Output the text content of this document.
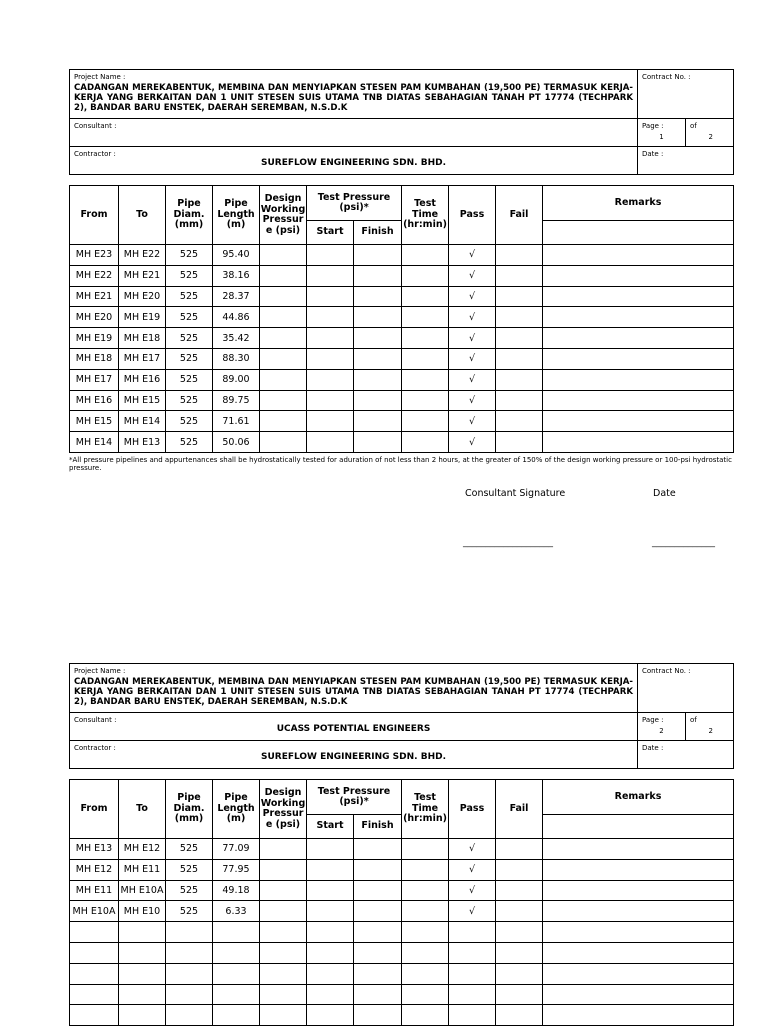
Project Name :
CADANGAN MEREKABENTUK, MEMBINA DAN MENYIAPKAN STESEN PAM KUMBAHAN (19,500 PE) TERMASUK KERJA-KERJA YANG BERKAITAN DAN 1 UNIT STESEN SUIS UTAMA TNB DIATAS SEBAHAGIAN TANAH PT 17774 (TECHPARK 2), BANDAR BARU ENSTEK, DAERAH SEREMBAN, N.S.D.K	Contract No. :	

Consultant :	Page :
1	of
2

Contractor :
SUREFLOW ENGINEERING SDN. BHD.	Date :	
From	To	Pipe Diam. (mm)	Pipe Length (m)	Design Working Pressur e (psi)	Test Pressure (psi)*		Test Time (hr:min)	Pass	Fail	Remarks
					Start	Finish				
MH E23	MH E22	525	95.40					√		
MH E22	MH E21	525	38.16					√		
MH E21	MH E20	525	28.37					√		
MH E20	MH E19	525	44.86					√		
MH E19	MH E18	525	35.42					√		
MH E18	MH E17	525	88.30					√		
MH E17	MH E16	525	89.00					√		
MH E16	MH E15	525	89.75					√		
MH E15	MH E14	525	71.61					√		
MH E14	MH E13	525	50.06					√		
*All pressure pipelines and appurtenances shall be hydrostatically tested for aduration of not less than 2 hours, at the greater of 150% of the design working pressure or 100-psi hydrostatic pressure.
Consultant Signature	Date
____________________	______________
Project Name :
CADANGAN MEREKABENTUK, MEMBINA DAN MENYIAPKAN STESEN PAM KUMBAHAN (19,500 PE) TERMASUK KERJA-KERJA YANG BERKAITAN DAN 1 UNIT STESEN SUIS UTAMA TNB DIATAS SEBAHAGIAN TANAH PT 17774 (TECHPARK 2), BANDAR BARU ENSTEK, DAERAH SEREMBAN, N.S.D.K	Contract No. :	

Consultant :
UCASS POTENTIAL ENGINEERS	Page :
2	of
2

Contractor :
SUREFLOW ENGINEERING SDN. BHD.	Date :	
From	To	Pipe Diam. (mm)	Pipe Length (m)	Design Working Pressur e (psi)	Test Pressure (psi)*		Test Time (hr:min)	Pass	Fail	Remarks
					Start	Finish				
MH E13	MH E12	525	77.09					√		
MH E12	MH E11	525	77.95					√		
MH E11	MH E10A	525	49.18					√		
MH E10A	MH E10	525	6.33					√		
